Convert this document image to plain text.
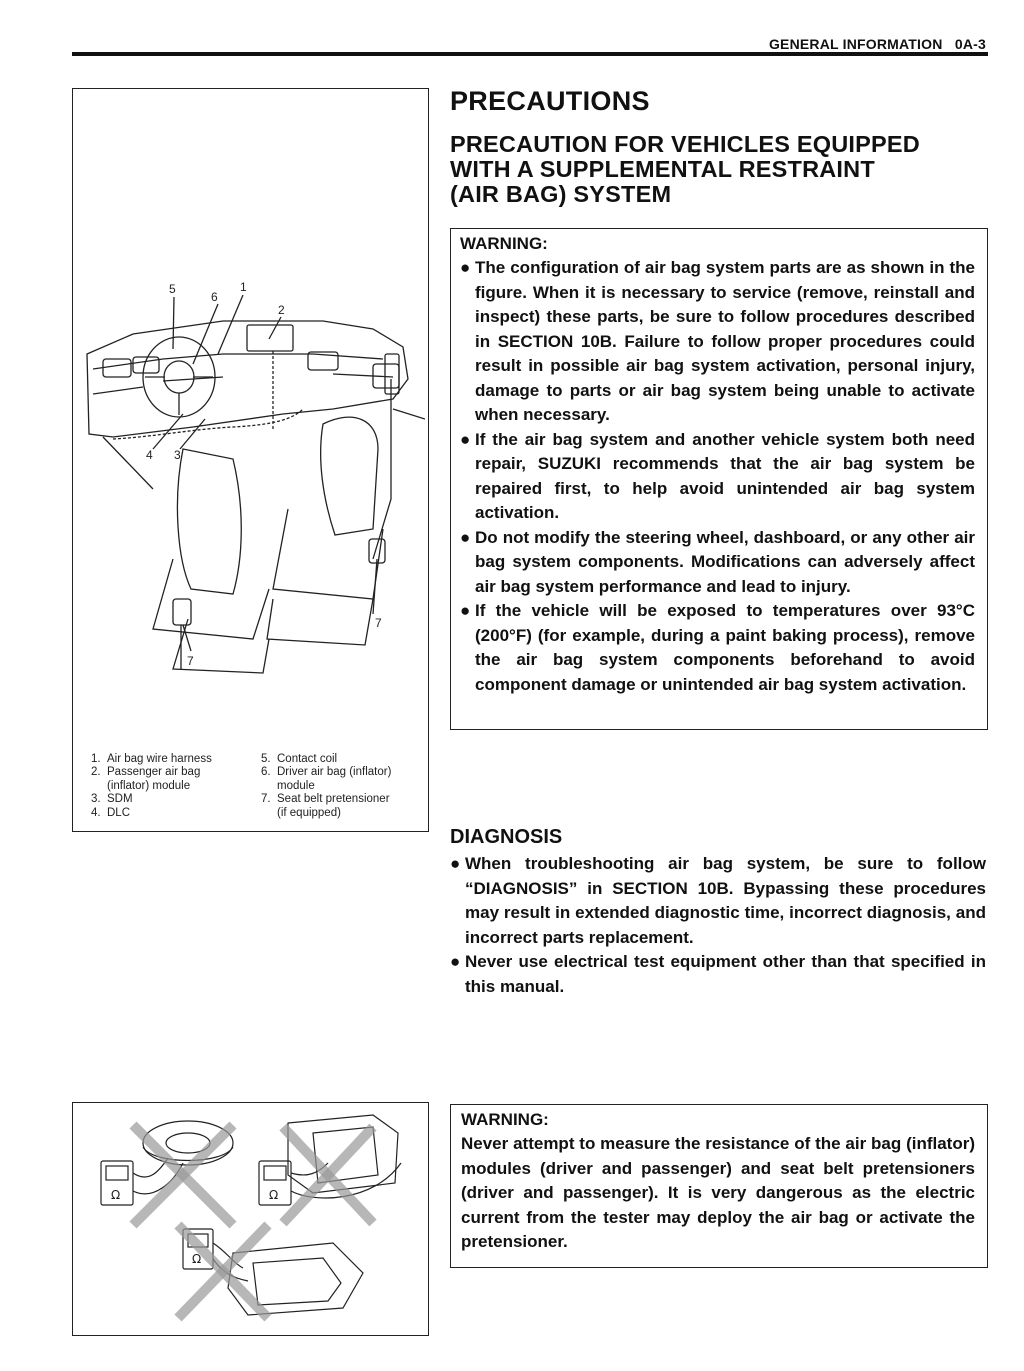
GENERAL INFORMATION 0A-3
5
6
1
2
4 3
7
7
1. Air bag wire harness
2. Passenger air bag
(inflator) module
3. SDM
4. DLC
5. Contact coil
6. Driver air bag (inflator)
module
7. Seat belt pretensioner
(if equipped)
Ω	Ω
Ω
PRECAUTIONS
PRECAUTION FOR VEHICLES EQUIPPED
WITH A SUPPLEMENTAL RESTRAINT
(AIR BAG) SYSTEM
WARNING:
● The configuration of air bag system parts are as shown in the figure. When it is necessary to service (remove, reinstall and inspect) these parts, be sure to follow procedures described in SECTION 10B. Failure to follow proper procedures could result in possible air bag system activation, personal injury, damage to parts or air bag system being unable to activate when necessary.
● If the air bag system and another vehicle system both need repair, SUZUKI recommends that the air bag system be repaired first, to help avoid unintended air bag system activation.
● Do not modify the steering wheel, dashboard, or any other air bag system components. Modifications can adversely affect air bag system performance and lead to injury.
● If the vehicle will be exposed to temperatures over 93°C (200°F) (for example, during a paint baking process), remove the air bag system components beforehand to avoid component damage or unintended air bag system activation.
DIAGNOSIS
● When troubleshooting air bag system, be sure to follow “DIAGNOSIS” in SECTION 10B. Bypassing these procedures may result in extended diagnostic time, incorrect diagnosis, and incorrect parts replacement.
● Never use electrical test equipment other than that specified in this manual.
WARNING:
Never attempt to measure the resistance of the air bag (inflator) modules (driver and passenger) and seat belt pretensioners (driver and passenger). It is very dangerous as the electric current from the tester may deploy the air bag or activate the pretensioner.
